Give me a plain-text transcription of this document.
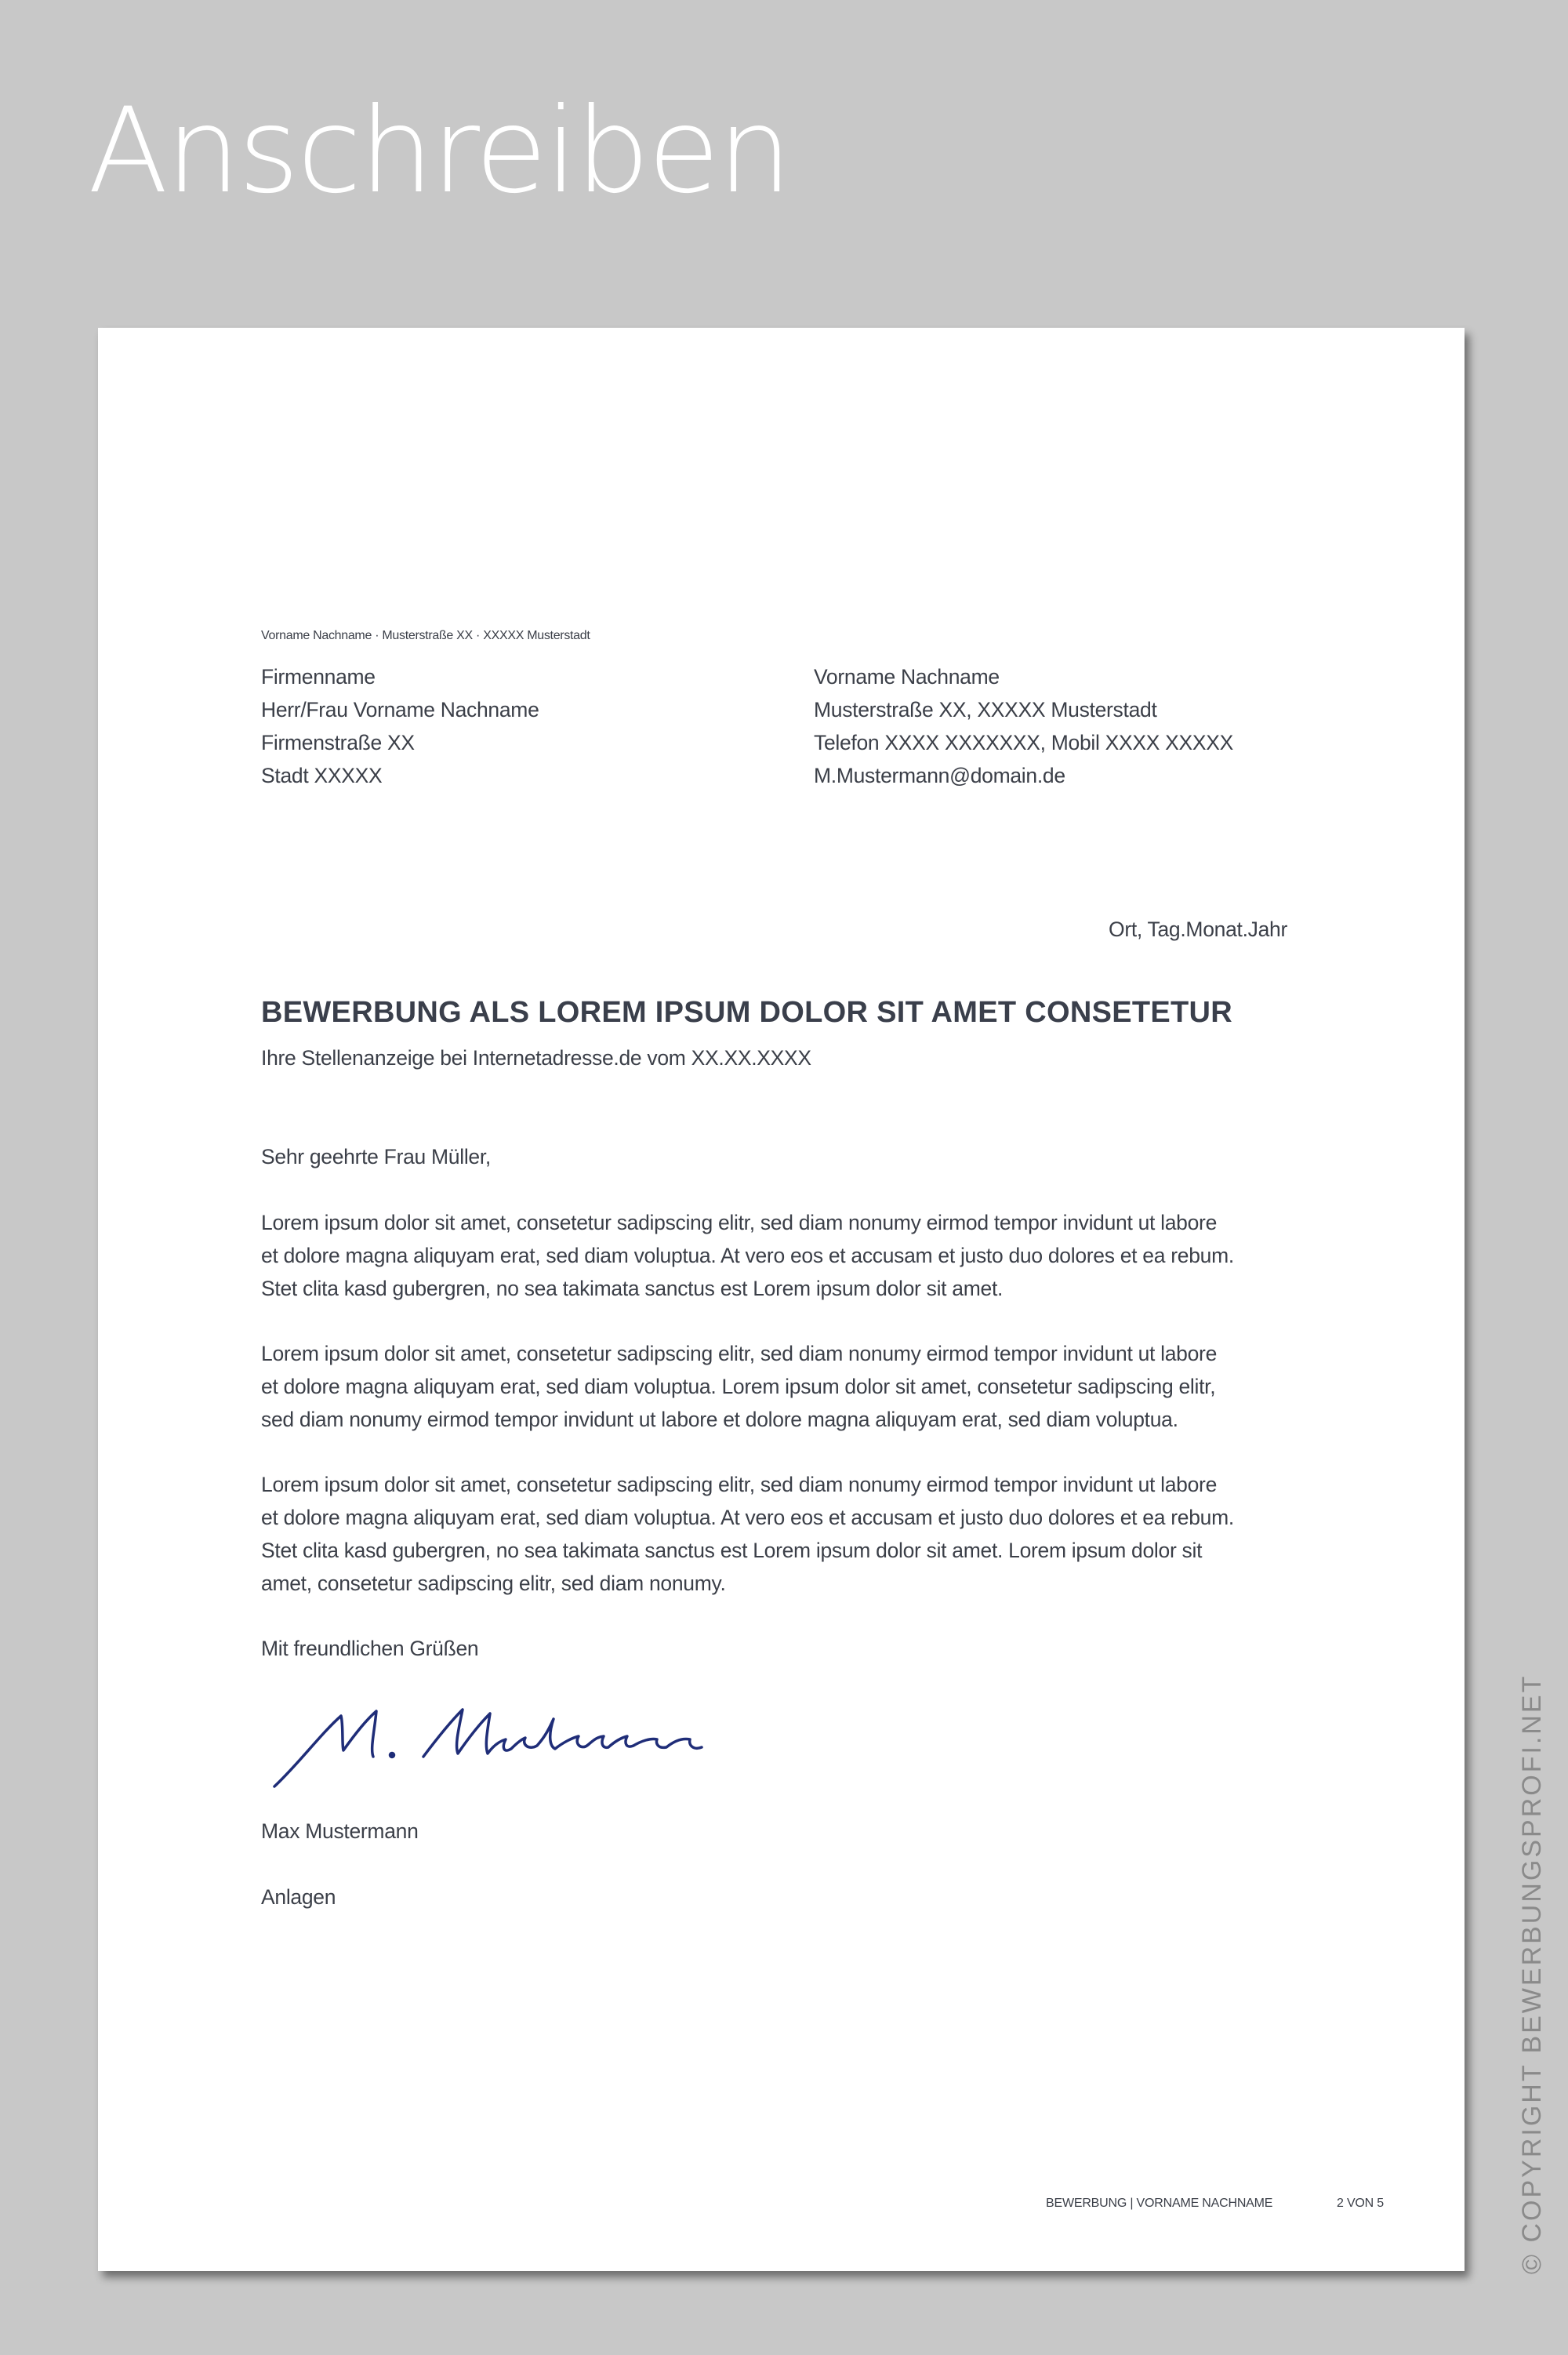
Anschreiben
Vorname Nachname · Musterstraße XX · XXXXX Musterstadt
Firmenname
Herr/Frau Vorname Nachname
Firmenstraße XX
Stadt XXXXX
Vorname Nachname
Musterstraße XX, XXXXX Musterstadt
Telefon XXXX XXXXXXX, Mobil XXXX XXXXX
M.Mustermann@domain.de
Ort, Tag.Monat.Jahr
BEWERBUNG ALS LOREM IPSUM DOLOR SIT AMET CONSETETUR
Ihre Stellenanzeige bei Internetadresse.de vom XX.XX.XXXX
Sehr geehrte Frau Müller,
Lorem ipsum dolor sit amet, consetetur sadipscing elitr, sed diam nonumy eirmod tempor invidunt ut labore
et dolore magna aliquyam erat, sed diam voluptua. At vero eos et accusam et justo duo dolores et ea rebum.
Stet clita kasd gubergren, no sea takimata sanctus est Lorem ipsum dolor sit amet.
Lorem ipsum dolor sit amet, consetetur sadipscing elitr, sed diam nonumy eirmod tempor invidunt ut labore
et dolore magna aliquyam erat, sed diam voluptua. Lorem ipsum dolor sit amet, consetetur sadipscing elitr,
sed diam nonumy eirmod tempor invidunt ut labore et dolore magna aliquyam erat, sed diam voluptua.
Lorem ipsum dolor sit amet, consetetur sadipscing elitr, sed diam nonumy eirmod tempor invidunt ut labore
et dolore magna aliquyam erat, sed diam voluptua. At vero eos et accusam et justo duo dolores et ea rebum.
Stet clita kasd gubergren, no sea takimata sanctus est Lorem ipsum dolor sit amet. Lorem ipsum dolor sit
amet, consetetur sadipscing elitr, sed diam nonumy.
Mit freundlichen Grüßen
Max Mustermann
Anlagen
BEWERBUNG | VORNAME NACHNAME	2 VON 5	© COPYRIGHT BEWERBUNGSPROFI.NET
